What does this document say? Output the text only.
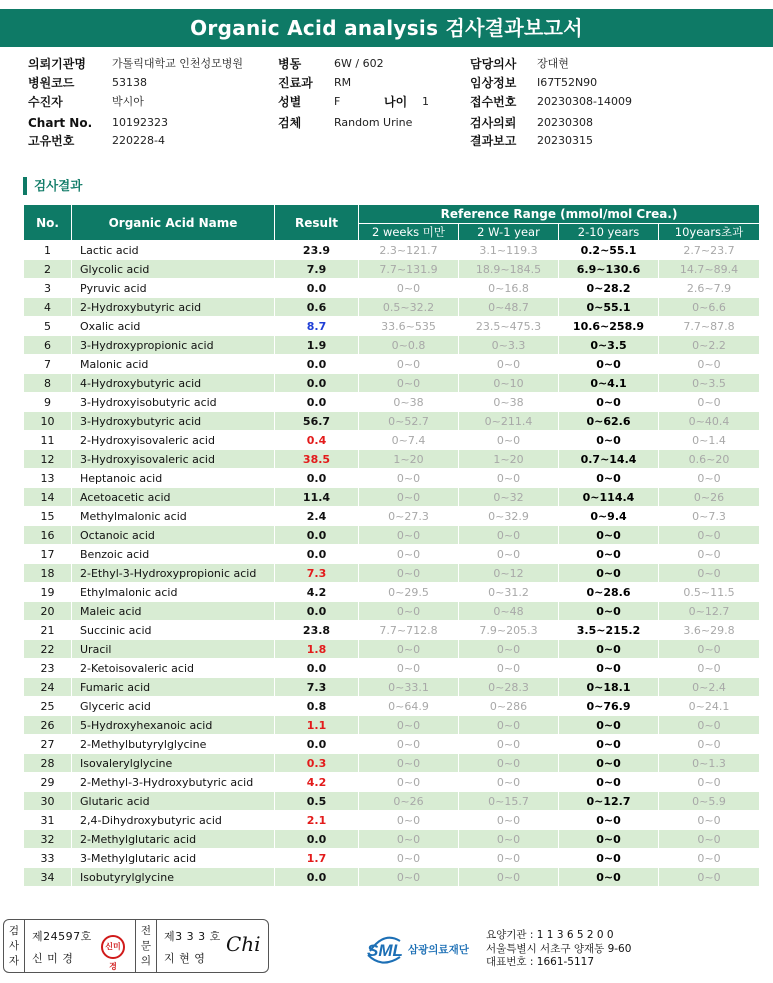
Organic Acid analysis 검사결과보고서
의뢰기관명 가톨릭대학교 인천성모병원	병동	6W / 602	담당의사 장대현
병원코드	53138	진료과 RM	임상정보 I67T52N90
수진자	박시아	성별	F	나이 1	접수번호 20230308-14009
Chart No. 10192323	검체	Random Urine	검사의뢰 20230308
고유번호	220228-4	결과보고 20230315
검사결과
No.	Organic Acid Name	Result	Reference Range (mmol/mol Crea.)			
			2 weeks 미만	2 W-1 year	2-10 years	10years초과
1	Lactic acid	23.9	2.3~121.7	3.1~119.3	0.2~55.1	2.7~23.7
2	Glycolic acid	7.9	7.7~131.9	18.9~184.5	6.9~130.6	14.7~89.4
3	Pyruvic acid	0.0	0~0	0~16.8	0~28.2	2.6~7.9
4	2-Hydroxybutyric acid	0.6	0.5~32.2	0~48.7	0~55.1	0~6.6
5	Oxalic acid	8.7	33.6~535	23.5~475.3	10.6~258.9	7.7~87.8
6	3-Hydroxypropionic acid	1.9	0~0.8	0~3.3	0~3.5	0~2.2
7	Malonic acid	0.0	0~0	0~0	0~0	0~0
8	4-Hydroxybutyric acid	0.0	0~0	0~10	0~4.1	0~3.5
9	3-Hydroxyisobutyric acid	0.0	0~38	0~38	0~0	0~0
10	3-Hydroxybutyric acid	56.7	0~52.7	0~211.4	0~62.6	0~40.4
11	2-Hydroxyisovaleric acid	0.4	0~7.4	0~0	0~0	0~1.4
12	3-Hydroxyisovaleric acid	38.5	1~20	1~20	0.7~14.4	0.6~20
13	Heptanoic acid	0.0	0~0	0~0	0~0	0~0
14	Acetoacetic acid	11.4	0~0	0~32	0~114.4	0~26
15	Methylmalonic acid	2.4	0~27.3	0~32.9	0~9.4	0~7.3
16	Octanoic acid	0.0	0~0	0~0	0~0	0~0
17	Benzoic acid	0.0	0~0	0~0	0~0	0~0
18	2-Ethyl-3-Hydroxypropionic acid	7.3	0~0	0~12	0~0	0~0
19	Ethylmalonic acid	4.2	0~29.5	0~31.2	0~28.6	0.5~11.5
20	Maleic acid	0.0	0~0	0~48	0~0	0~12.7
21	Succinic acid	23.8	7.7~712.8	7.9~205.3	3.5~215.2	3.6~29.8
22	Uracil	1.8	0~0	0~0	0~0	0~0
23	2-Ketoisovaleric acid	0.0	0~0	0~0	0~0	0~0
24	Fumaric acid	7.3	0~33.1	0~28.3	0~18.1	0~2.4
25	Glyceric acid	0.8	0~64.9	0~286	0~76.9	0~24.1
26	5-Hydroxyhexanoic acid	1.1	0~0	0~0	0~0	0~0
27	2-Methylbutyrylglycine	0.0	0~0	0~0	0~0	0~0
28	Isovalerylglycine	0.3	0~0	0~0	0~0	0~1.3
29	2-Methyl-3-Hydroxybutyric acid	4.2	0~0	0~0	0~0	0~0
30	Glutaric acid	0.5	0~26	0~15.7	0~12.7	0~5.9
31	2,4-Dihydroxybutyric acid	2.1	0~0	0~0	0~0	0~0
32	2-Methylglutaric acid	0.0	0~0	0~0	0~0	0~0
33	3-Methylglutaric acid	1.7	0~0	0~0	0~0	0~0
34	Isobutyrylglycine	0.0	0~0	0~0	0~0	0~0
검사자
제24597호
신 미 경
신미경
전문의
제3 3 3 호
지 현 영
Chi	SML 삼광의료재단
요양기관 : 1 1 3 6 5 2 0 0
서울특별시 서초구 양재동 9-60
대표번호 : 1661-5117
